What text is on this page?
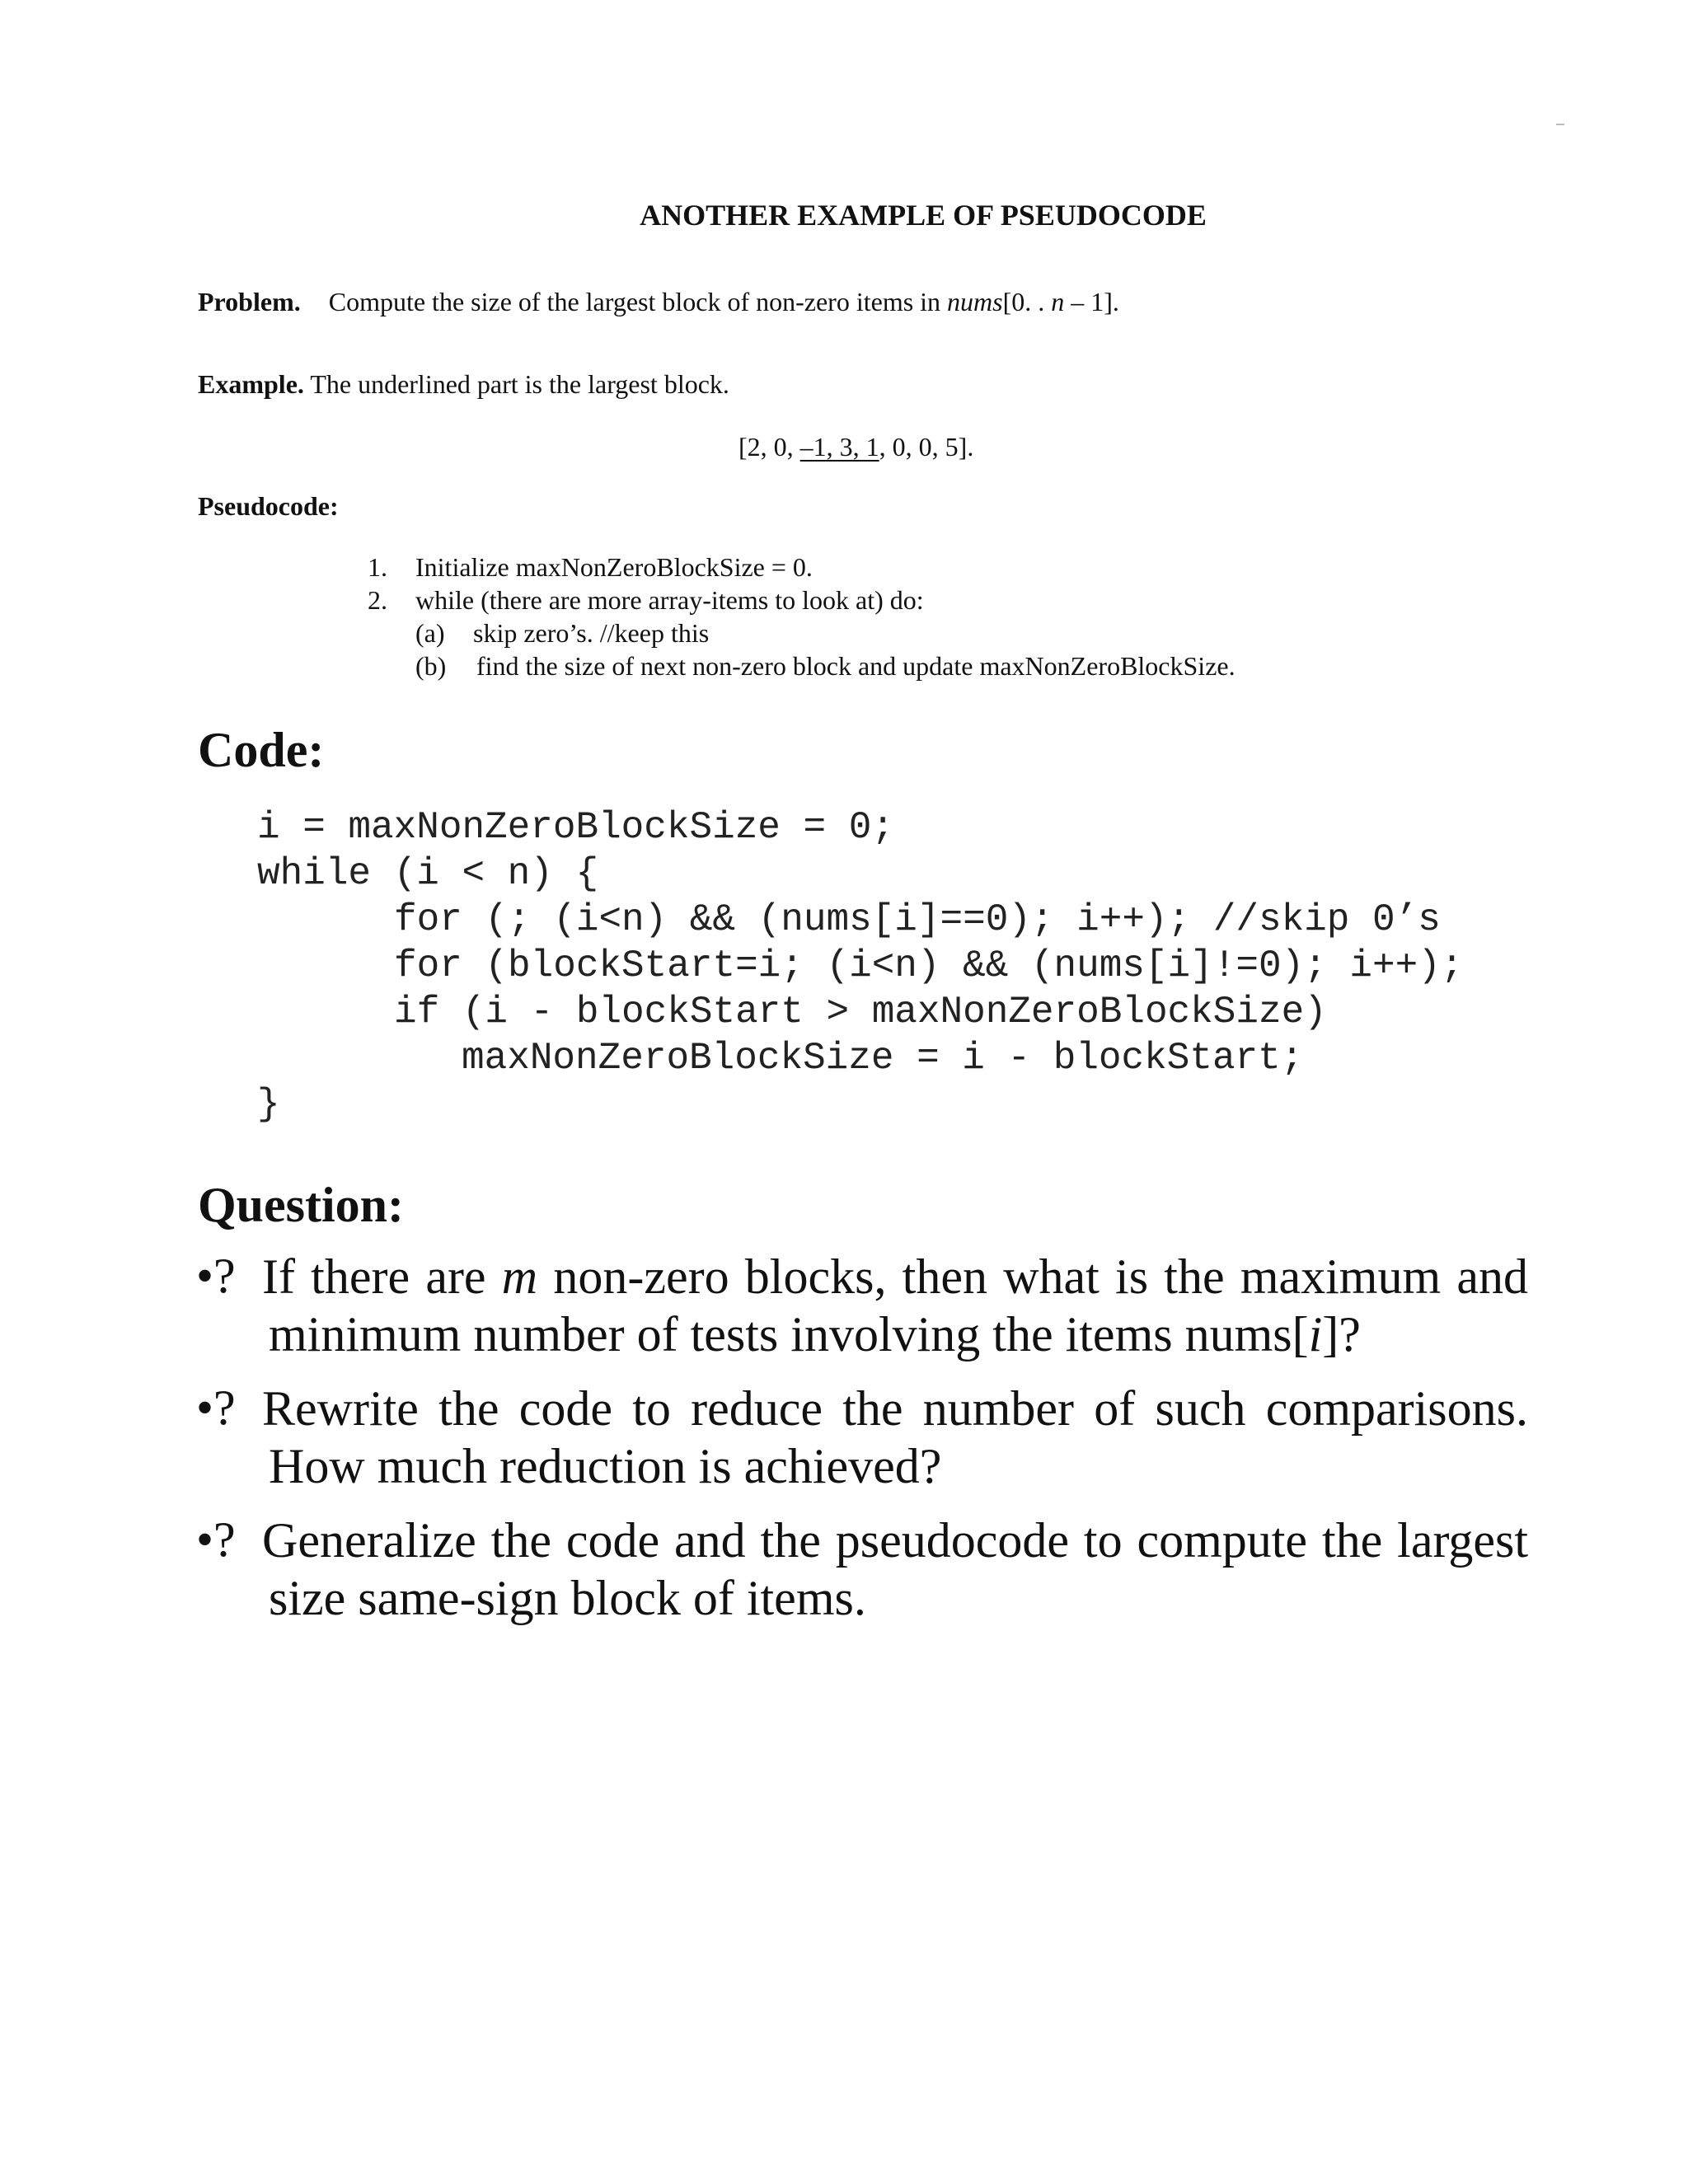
ANOTHER EXAMPLE OF PSEUDOCODE
Problem. Compute the size of the largest block of non-zero items in nums[0. . n – 1].
Example. The underlined part is the largest block.
[2, 0, –1, 3, 1, 0, 0, 5].
Pseudocode:
1. Initialize maxNonZeroBlockSize = 0.
2. while (there are more array-items to look at) do:
(a) skip zero’s. //keep this
(b) find the size of next non-zero block and update maxNonZeroBlockSize.
Code:
i = maxNonZeroBlockSize = 0;
while (i < n) {
for (; (i<n) && (nums[i]==0); i++); //skip 0’s
for (blockStart=i; (i<n) && (nums[i]!=0); i++);
if (i - blockStart > maxNonZeroBlockSize)
maxNonZeroBlockSize = i - blockStart;
}
Question:
•? If there are m non-zero blocks, then what is the maximum and
minimum number of tests involving the items nums[i]?
•? Rewrite the code to reduce the number of such comparisons.
How much reduction is achieved?
•? Generalize the code and the pseudocode to compute the largest
size same-sign block of items.
